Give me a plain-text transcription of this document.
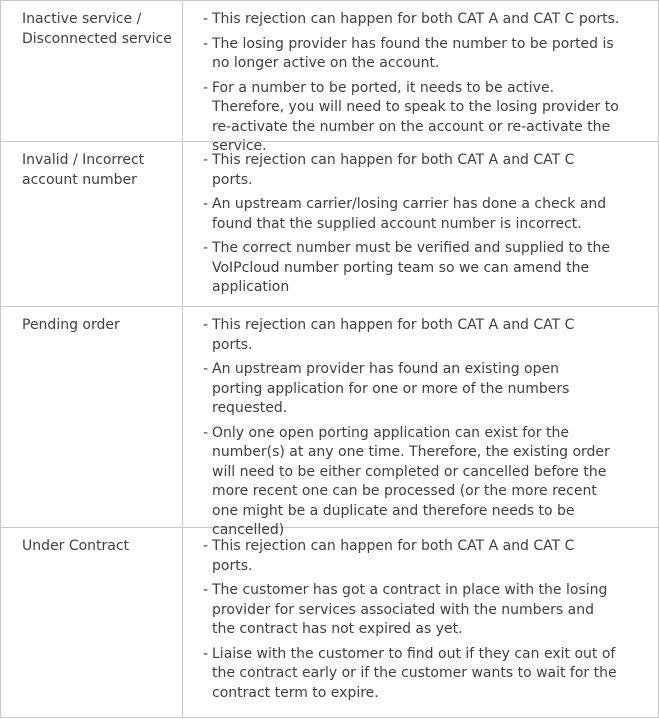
Inactive service /
Disconnected service
- This rejection can happen for both CAT A and CAT C ports.
- The losing provider has found the number to be ported is
no longer active on the account.
- For a number to be ported, it needs to be active.
Therefore, you will need to speak to the losing provider to
re-activate the number on the account or re-activate the
service.
Invalid / Incorrect
account number
- This rejection can happen for both CAT A and CAT C
ports.
- An upstream carrier/losing carrier has done a check and
found that the supplied account number is incorrect.
- The correct number must be verified and supplied to the
VoIPcloud number porting team so we can amend the
application
Pending order	- This rejection can happen for both CAT A and CAT C
ports.
- An upstream provider has found an existing open
porting application for one or more of the numbers
requested.
- Only one open porting application can exist for the
number(s) at any one time. Therefore, the existing order
will need to be either completed or cancelled before the
more recent one can be processed (or the more recent
one might be a duplicate and therefore needs to be
cancelled)
Under Contract	- This rejection can happen for both CAT A and CAT C
ports.
- The customer has got a contract in place with the losing
provider for services associated with the numbers and
the contract has not expired as yet.
- Liaise with the customer to find out if they can exit out of
the contract early or if the customer wants to wait for the
contract term to expire.
